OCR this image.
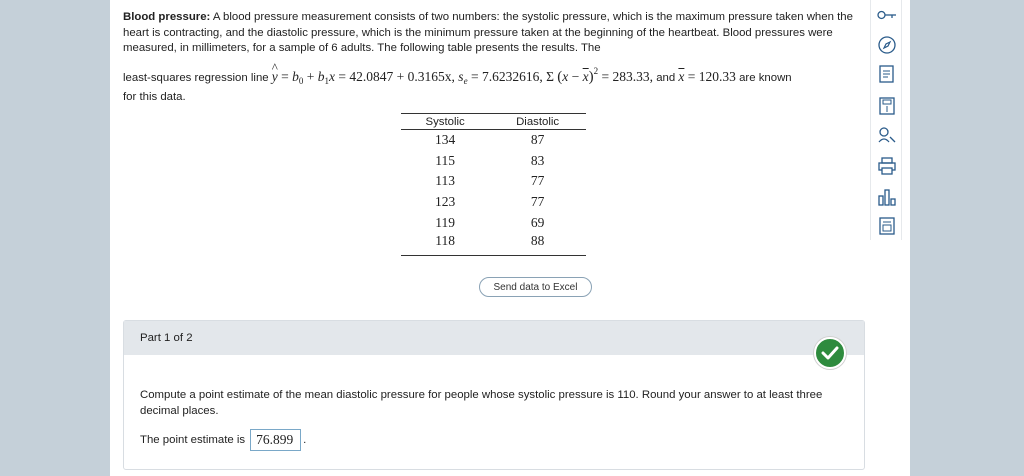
Blood pressure: A blood pressure measurement consists of two numbers: the systolic pressure, which is the maximum pressure taken when the heart is contracting, and the diastolic pressure, which is the minimum pressure taken at the beginning of the heartbeat. Blood pressures were measured, in millimeters, for a sample of 6 adults. The following table presents the results. The

least-squares regression line ^ $y = b_0 + b_1x = 42.0847 + 0.3165x$, $s_e = 7.6232616$, Σ $(x - \overline{x})^2 = 283.33$, and $\overline{x} = 120.33$ are known

for this data.

Systolic	Diastolic
134	87
115	83
113	77
123	77
119	69
118	88
Send data to Excel
Part 1 of 2

Compute a point estimate of the mean diastolic pressure for people whose systolic pressure is 110. Round your answer to at least three decimal places.

The point estimate is 76.899 .
